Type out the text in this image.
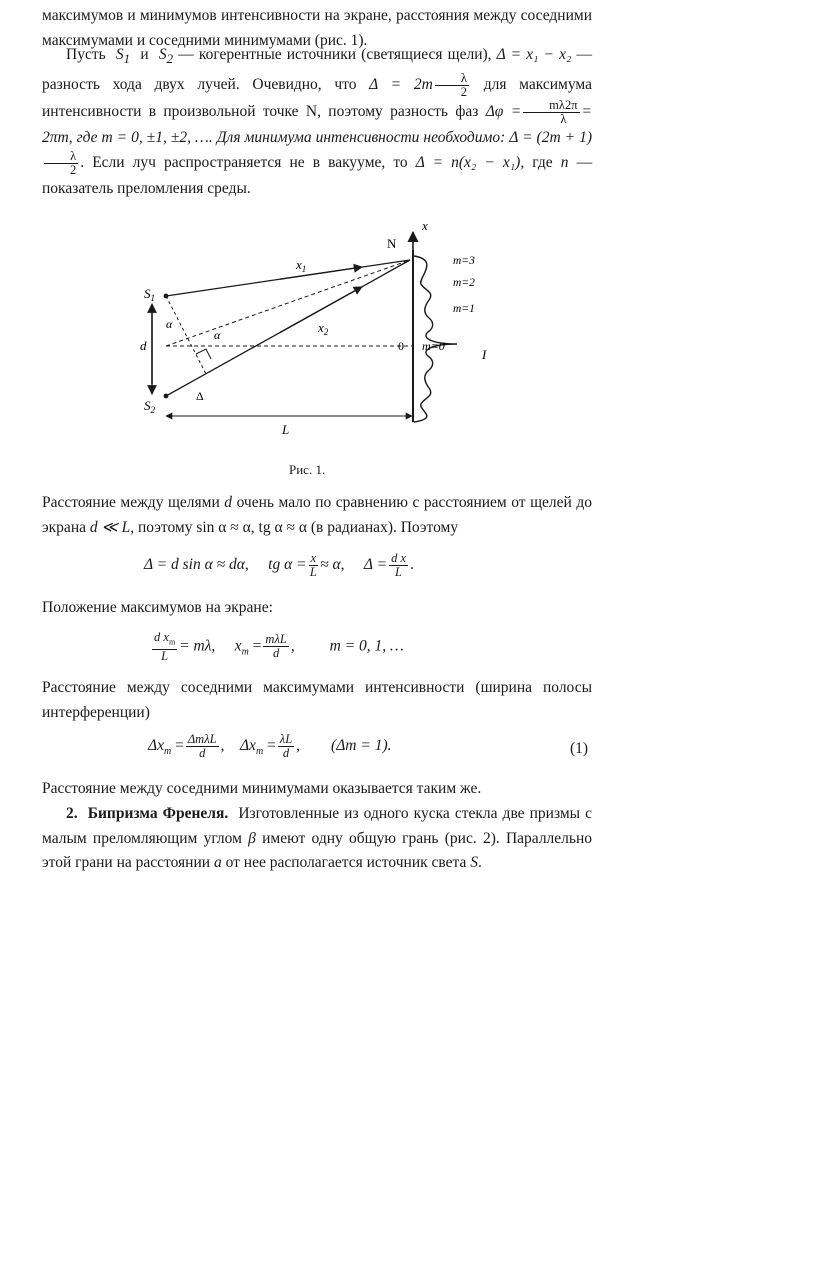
максимумов и минимумов интенсивности на экране, расстояния между соседними максимумами и соседними минимумами (рис. 1).

Пусть $S_1$ и $S_2$ — когерентные источники (светящиеся щели), Δ = x₁ − x₂ — разность хода двух лучей. Очевидно, что $\Delta = 2m \frac{\lambda}{2}$ для максимума интенсивности в произвольной точке N, поэтому разность фаз $\Delta\varphi = \frac{m\lambda 2\pi}{\lambda} = 2\pi m$, где m = 0, ±1, ±2, …. Для минимума интенсивности необходимо: Δ = (2m + 1)
$\frac{\lambda}{2}$ . Если луч распространяется не в вакууме, то Δ = n(x₂ − x₁), где n — показатель преломления среды.

x
N
$x_1$
$x_2$
$S_1$
$S_2$
d
α
α
Δ
0 m=0
m=1
m=2
m=3
I
L
Рис. 1.

Расстояние между щелями d очень мало по сравнению с расстоянием от щелей до экрана d ≪ L, поэтому sin α ≈ α, tg α ≈ α (в радианах). Поэтому

Δ = d sin α ≈ dα, tg $\alpha = \frac{x}{L} \approx \alpha$, $\Delta = \frac{\text{d x}}{L}$ .

Положение максимумов на экране:

$\frac{d x_m}{L} = m\lambda$, $x_m = \frac{\text{mλL}}{d}$ , m = 0, 1, …

Расстояние между соседними максимумами интенсивности (ширина полосы интерференции)

$\Delta x_m = \frac{\text{ΔmλL}}{d}$ , $\Delta x_m = \frac{\lambda L}{d}$ , (Δm = 1).	(1)

Расстояние между соседними минимумами оказывается таким же.

2. Бипризма Френеля. Изготовленные из одного куска стекла две призмы с малым преломляющим углом β имеют одну общую грань (рис. 2). Параллельно этой грани на расстоянии a от нее располагается источник света S.
